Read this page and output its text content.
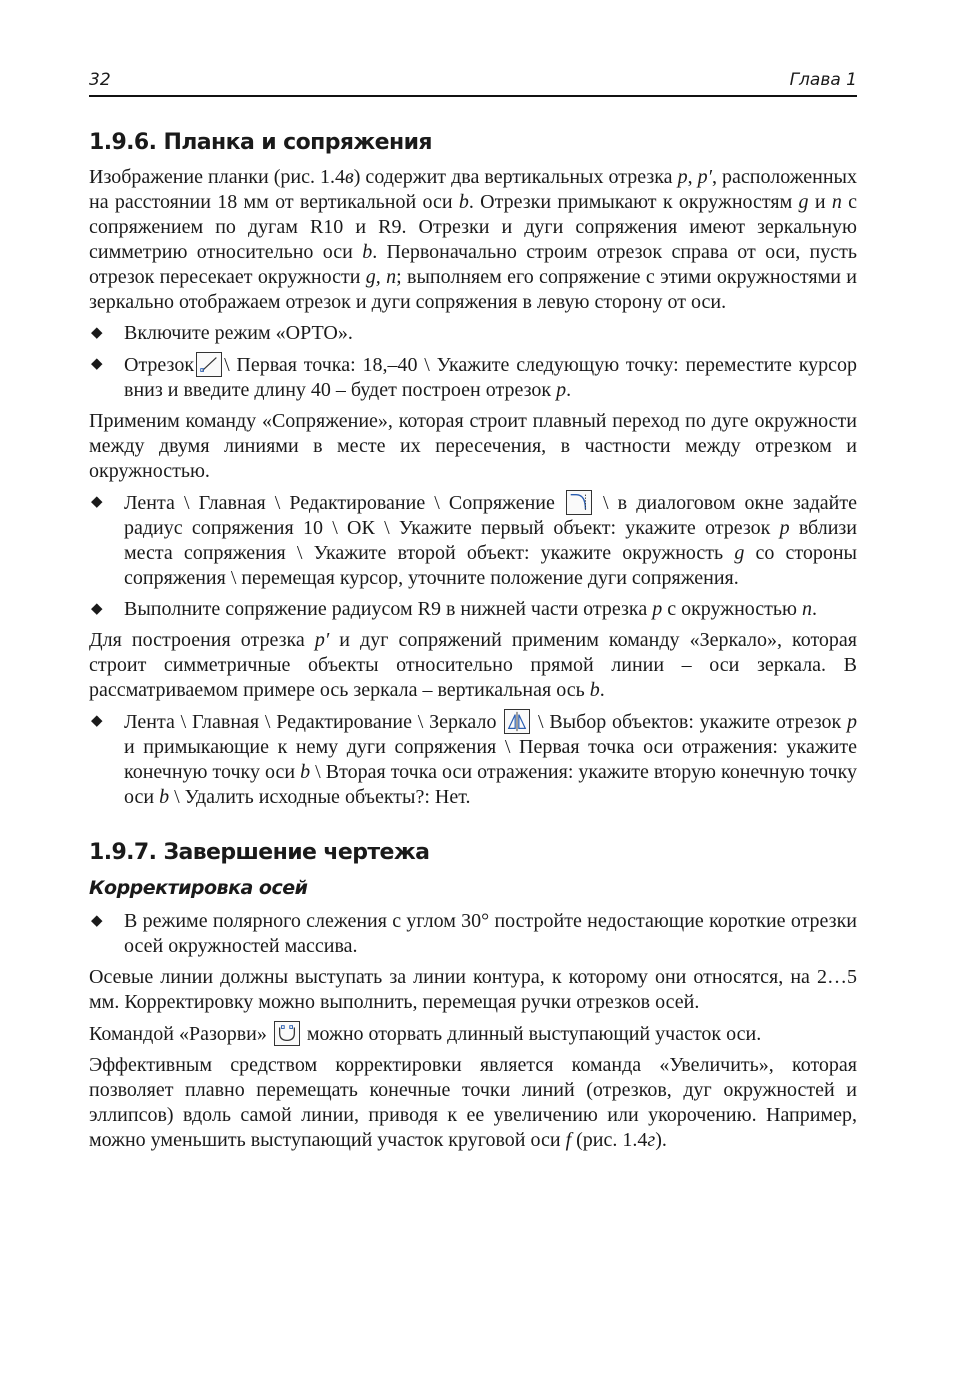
32	Глава 1
1.9.6. Планка и сопряжения

Изображение планки (рис. 1.4в) содержит два вертикальных отрезка p, p′, расположенных на расстоянии 18 мм от вертикальной оси b. Отрезки примыкают к окружностям g и n с сопряжением по дугам R10 и R9. Отрезки и дуги сопряжения имеют зеркальную симметрию относительно оси b. Первоначально строим отрезок справа от оси, пусть отрезок пересекает окружности g, n; выполняем его сопряжение с этими окружностями и зеркально отображаем отрезок и дуги сопряжения в левую сторону от оси.

◆ Включите режим «ОРТО».

◆ Отрезок \ Первая точка: 18,–40 \ Укажите следующую точку: переместите курсор вниз и введите длину 40 – будет построен отрезок p.

Применим команду «Сопряжение», которая строит плавный переход по дуге окружности между двумя линиями в месте их пересечения, в частности между отрезком и окружностью.

◆ Лента \ Главная \ Редактирование \ Сопряжение
\ в диалоговом окне задайте радиус сопряжения 10 \ ОК \ Укажите первый объект: укажите отрезок p вблизи места сопряжения \ Укажите второй объект: укажите окружность g со стороны сопряжения \ перемещая курсор, уточните положение дуги сопряжения.

◆ Выполните сопряжение радиусом R9 в нижней части отрезка p с окружностью n.

Для построения отрезка p′ и дуг сопряжений применим команду «Зеркало», которая строит симметричные объекты относительно прямой линии – оси зеркала. В рассматриваемом примере ось зеркала – вертикальная ось b.

◆ Лента \ Главная \ Редактирование \ Зеркало
\ Выбор объектов: укажите отрезок p и примыкающие к нему дуги сопряжения \ Первая точка оси отражения: укажите конечную точку оси b \ Вторая точка оси отражения: укажите вторую конечную точку оси b \ Удалить исходные объекты?: Нет.

1.9.7. Завершение чертежа
Корректировка осей

◆ В режиме полярного слежения с углом 30° постройте недостающие короткие отрезки осей окружностей массива.

Осевые линии должны выступать за линии контура, к которому они относятся, на 2…5 мм. Корректировку можно выполнить, перемещая ручки отрезков осей.

Командой «Разорви»
можно оторвать длинный выступающий участок оси.

Эффективным средством корректировки является команда «Увеличить», которая позволяет плавно перемещать конечные точки линий (отрезков, дуг окружностей и эллипсов) вдоль самой линии, приводя к ее увеличению или укорочению. Например, можно уменьшить выступающий участок круговой оси f (рис. 1.4г).
